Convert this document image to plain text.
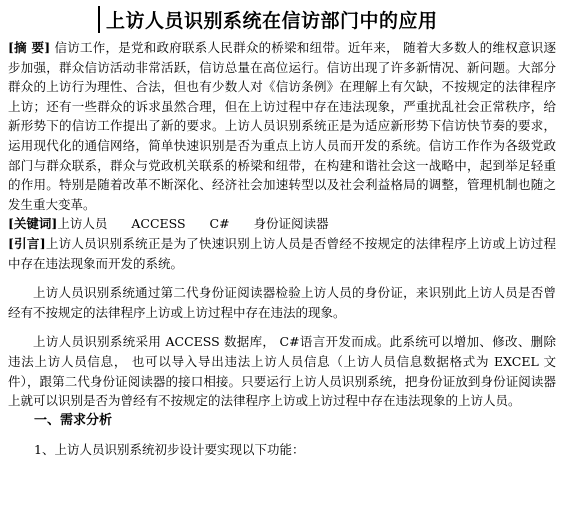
上访人员识别系统在信访部门中的应用

[摘 要] 信访工作，是党和政府联系人民群众的桥梁和纽带。近年来， 随着大多数人的维权意识逐步加强，群众信访活动非常活跃，信访总量在高位运行。信访出现了许多新情况、新问题。大部分群众的上访行为理性、合法，但也有少数人对《信访条例》在理解上有欠缺，不按规定的法律程序上访；还有一些群众的诉求虽然合理，但在上访过程中存在违法现象，严重扰乱社会正常秩序，给新形势下的信访工作提出了新的要求。上访人员识别系统正是为适应新形势下信访快节奏的要求，运用现代化的通信网络，简单快速识别是否为重点上访人员而开发的系统。信访工作作为各级党政部门与群众联系，群众与党政机关联系的桥梁和纽带，在构建和谐社会这一战略中，起到举足轻重的作用。特别是随着改革不断深化、经济社会加速转型以及社会利益格局的调整，管理机制也随之发生重大变革。

[关键词]上访人员 ACCESS C# 身份证阅读器

[引言]上访人员识别系统正是为了快速识别上访人员是否曾经不按规定的法律程序上访或上访过程中存在违法现象而开发的系统。

上访人员识别系统通过第二代身份证阅读器检验上访人员的身份证，来识别此上访人员是否曾经有不按规定的法律程序上访或上访过程中存在违法的现象。

上访人员识别系统采用 ACCESS 数据库， C#语言开发而成。此系统可以增加、修改、删除违法上访人员信息， 也可以导入导出违法上访人员信息（上访人员信息数据格式为 EXCEL 文件），跟第二代身份证阅读器的接口相接。只要运行上访人员识别系统，把身份证放到身份证阅读器上就可以识别是否为曾经有不按规定的法律程序上访或上访过程中存在违法现象的上访人员。

一、需求分析

1、上访人员识别系统初步设计要实现以下功能：
